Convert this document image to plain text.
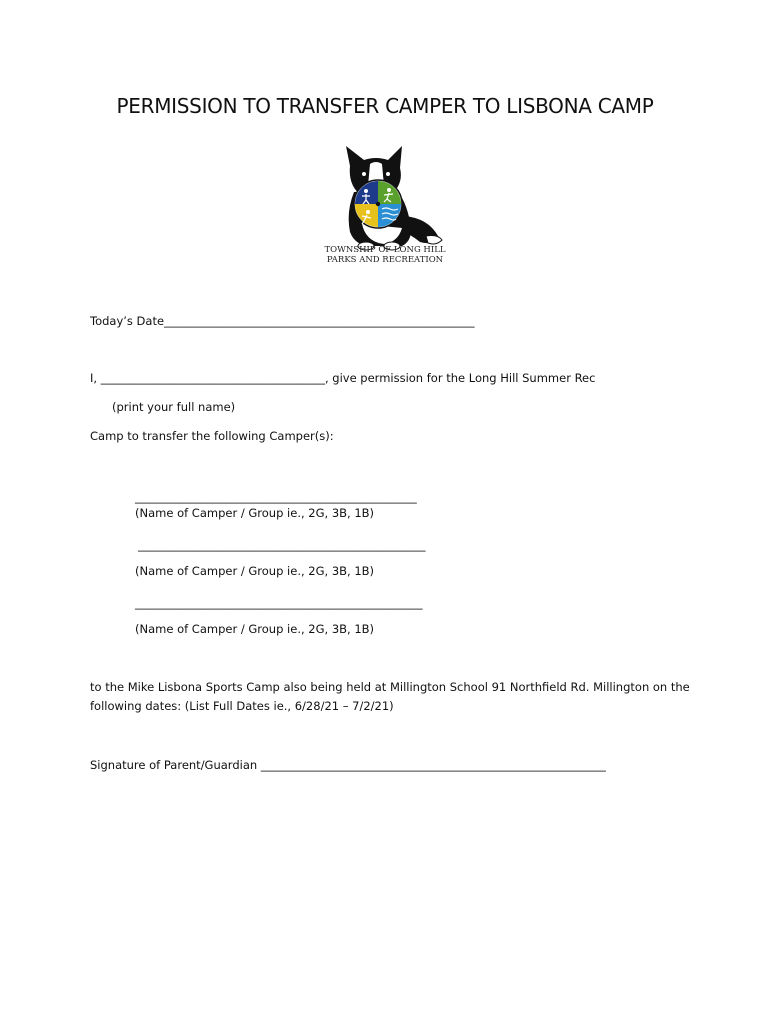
PERMISSION TO TRANSFER CAMPER TO LISBONA CAMP
TOWNSHIP OF LONG HILL
PARKS AND RECREATION
Today’s Date______________________________________________________
I, _______________________________________, give permission for the Long Hill Summer Rec
(print your full name)
Camp to transfer the following Camper(s):
_________________________________________________
(Name of Camper / Group ie., 2G, 3B, 1B)
__________________________________________________
(Name of Camper / Group ie., 2G, 3B, 1B)
__________________________________________________
(Name of Camper / Group ie., 2G, 3B, 1B)
to the Mike Lisbona Sports Camp also being held at Millington School 91 Northfield Rd. Millington on the
following dates: (List Full Dates ie., 6/28/21 – 7/2/21)
Signature of Parent/Guardian ____________________________________________________________
